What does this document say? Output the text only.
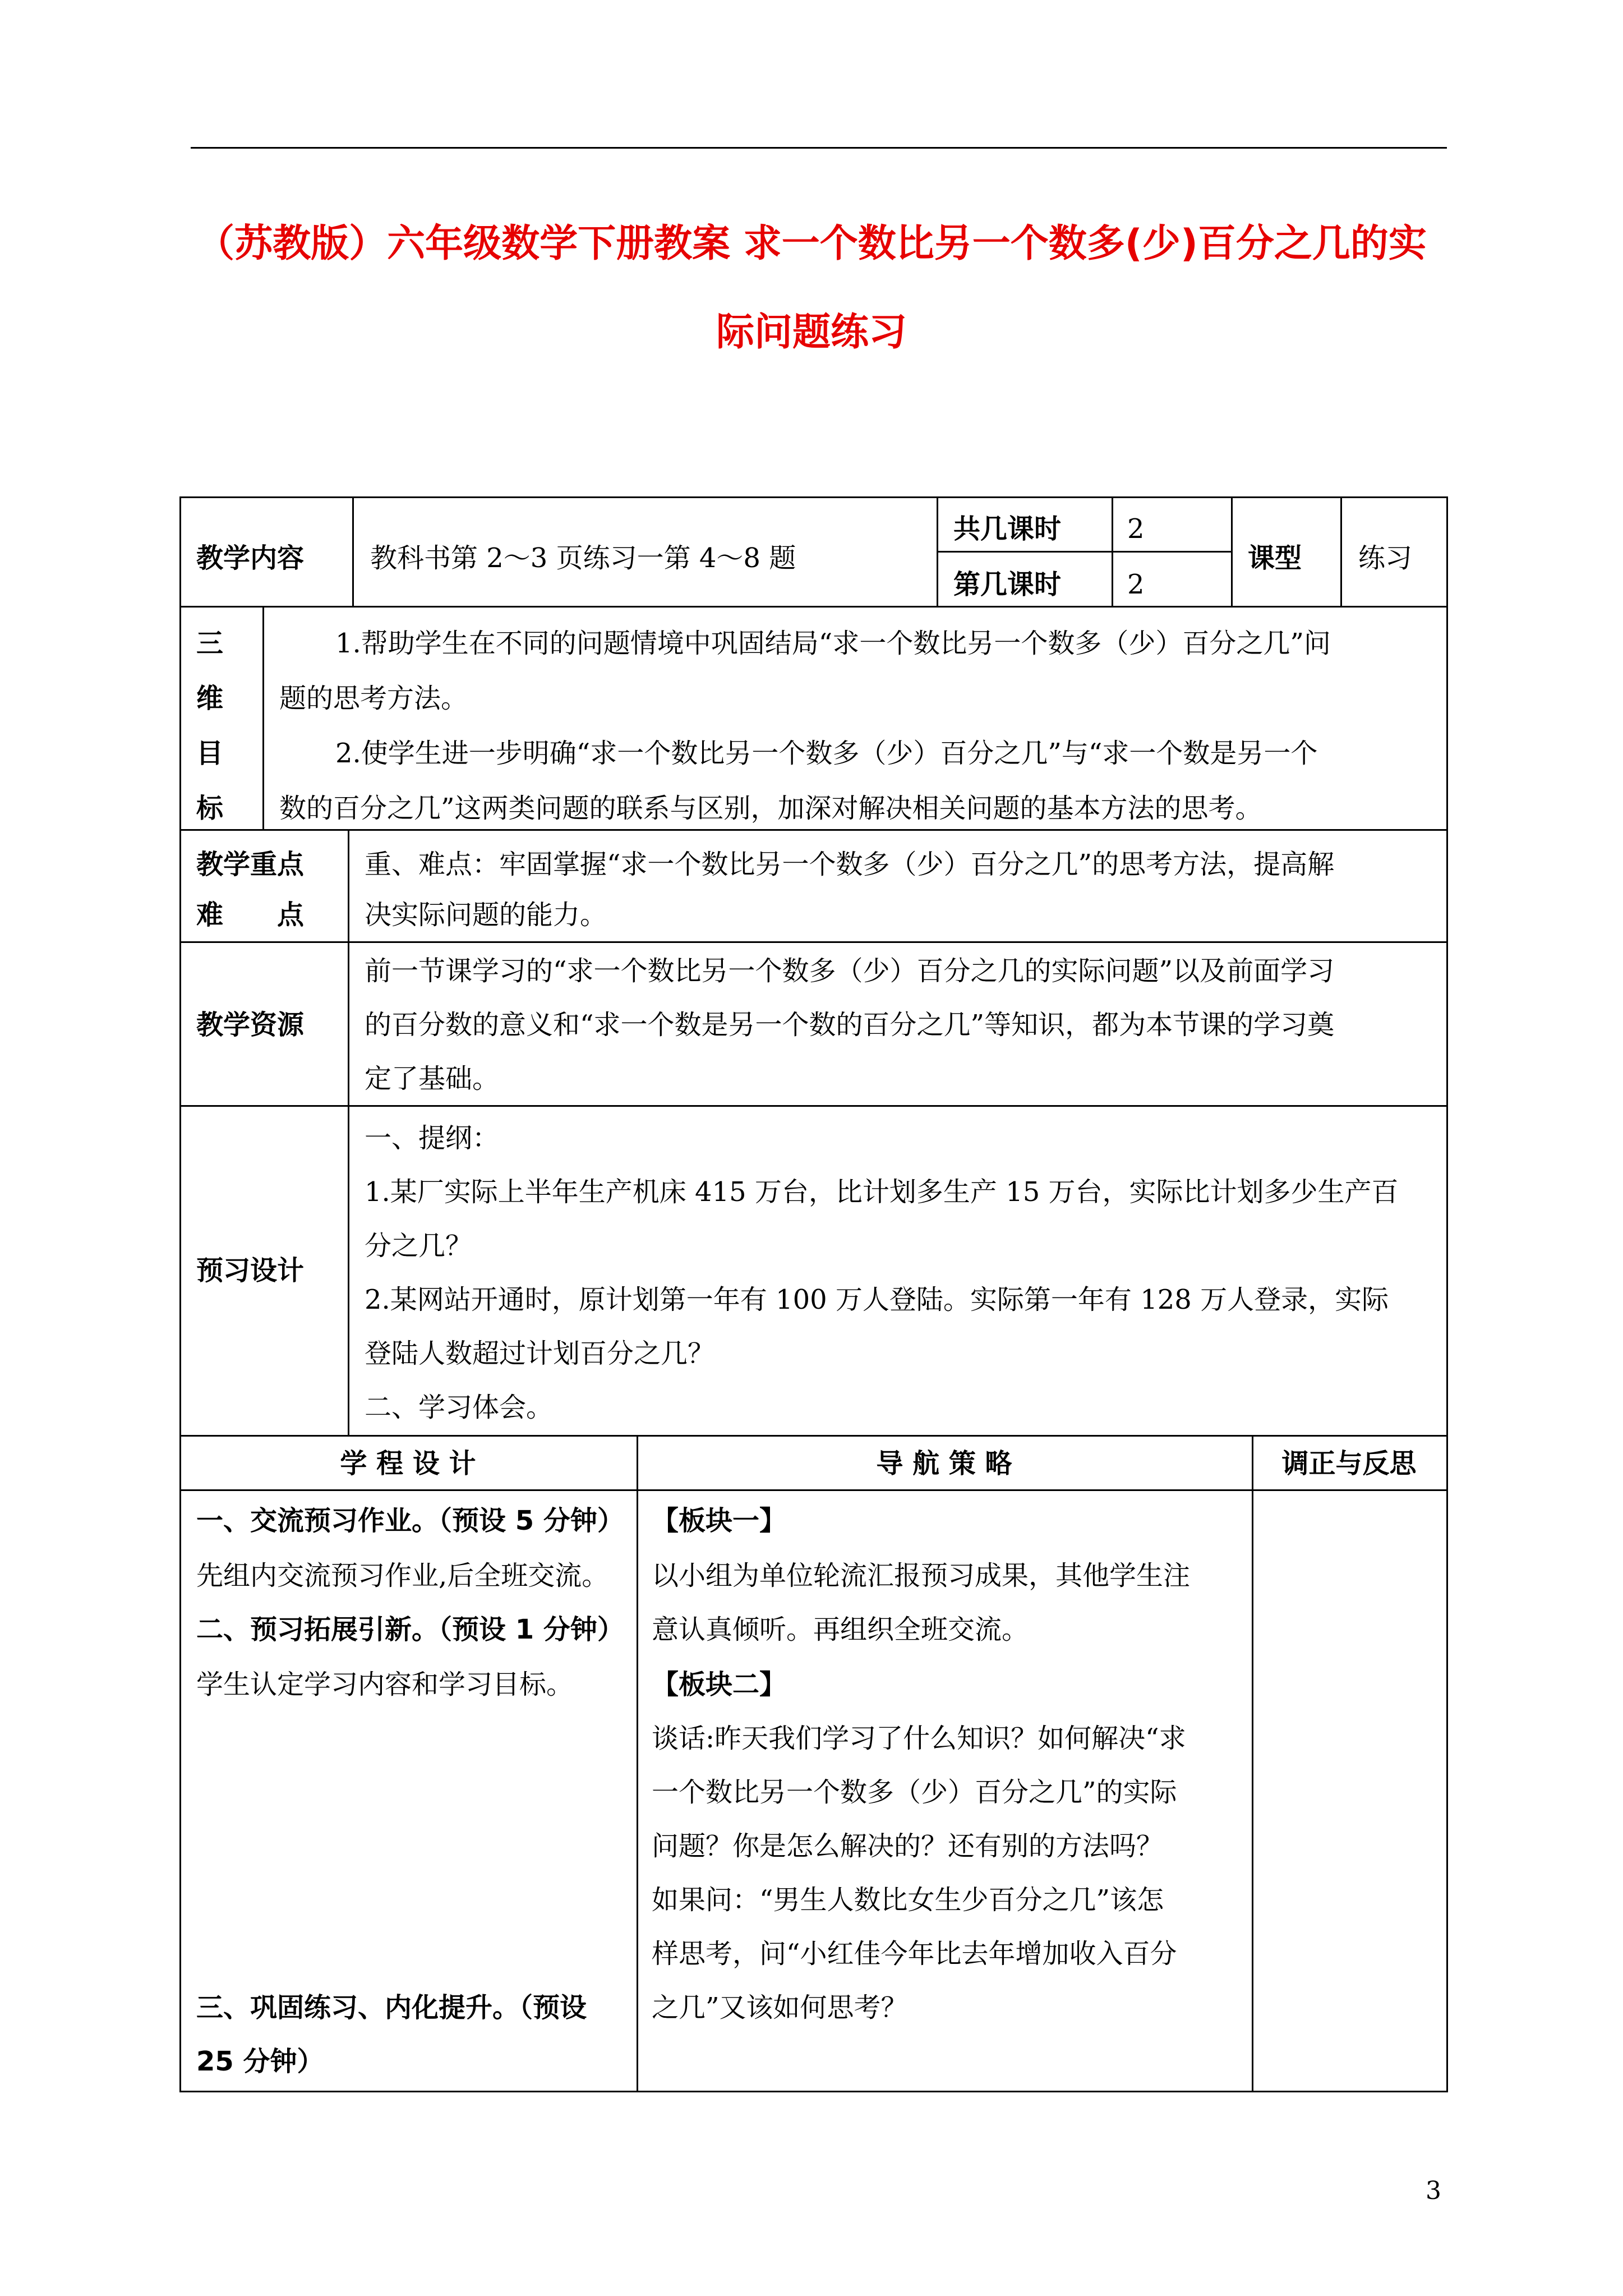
（苏教版）六年级数学下册教案 求一个数比另一个数多(少)百分之几的实
际问题练习
教学内容 教科书第 2～3 页练习一第 4～8 题
共几课时 2
第几课时 2
课型 练习
三
维
目
标
1.帮助学生在不同的问题情境中巩固结局“求一个数比另一个数多（少）百分之几”问
题的思考方法。
2.使学生进一步明确“求一个数比另一个数多（少）百分之几”与“求一个数是另一个
数的百分之几”这两类问题的联系与区别，加深对解决相关问题的基本方法的思考。
教学重点
难　　点
重、难点：牢固掌握“求一个数比另一个数多（少）百分之几”的思考方法，提高解
决实际问题的能力。
教学资源
前一节课学习的“求一个数比另一个数多（少）百分之几的实际问题”以及前面学习
的百分数的意义和“求一个数是另一个数的百分之几”等知识，都为本节课的学习奠
定了基础。
预习设计
一、提纲：
1.某厂实际上半年生产机床 415 万台，比计划多生产 15 万台，实际比计划多少生产百
分之几？
2.某网站开通时，原计划第一年有 100 万人登陆。实际第一年有 128 万人登录，实际
登陆人数超过计划百分之几？
二、学习体会。
学 程 设 计	导 航 策 略	调正与反思
一、交流预习作业。（预设 5 分钟）
先组内交流预习作业,后全班交流。
二、预习拓展引新。（预设 1 分钟）
学生认定学习内容和学习目标。
三、巩固练习、内化提升。（预设
25 分钟）
【板块一】
以小组为单位轮流汇报预习成果，其他学生注
意认真倾听。再组织全班交流。
【板块二】
谈话:昨天我们学习了什么知识？如何解决“求
一个数比另一个数多（少）百分之几”的实际
问题？你是怎么解决的？还有别的方法吗？
如果问：“男生人数比女生少百分之几”该怎
样思考，问“小红佳今年比去年增加收入百分
之几”又该如何思考？
3
